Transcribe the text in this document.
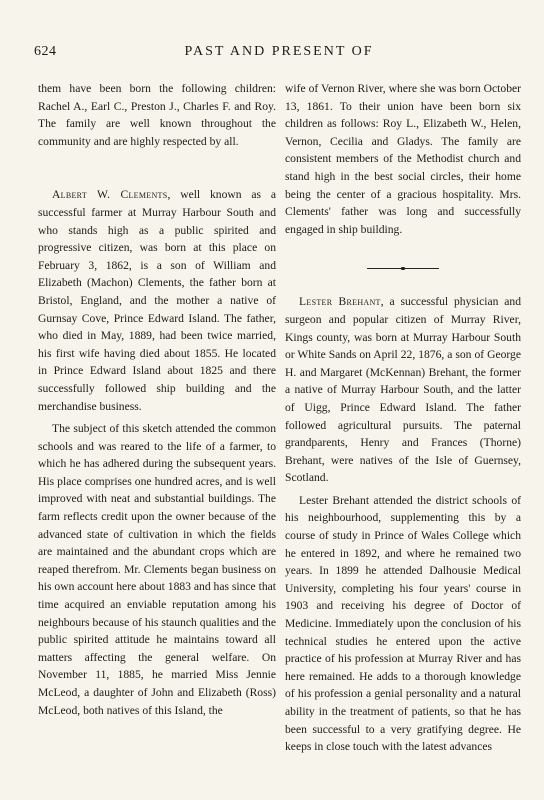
624	PAST AND PRESENT OF

them have been born the following children: Rachel A., Earl C., Preston J., Charles F. and Roy. The family are well known throughout the community and are highly respected by all.

Albert W. Clements, well known as a successful farmer at Murray Harbour South and who stands high as a public spirited and progressive citizen, was born at this place on February 3, 1862, is a son of William and Elizabeth (Machon) Clements, the father born at Bristol, England, and the mother a native of Gurnsay Cove, Prince Edward Island. The father, who died in May, 1889, had been twice married, his first wife having died about 1855. He located in Prince Edward Island about 1825 and there successfully followed ship building and the merchandise business.

The subject of this sketch attended the common schools and was reared to the life of a farmer, to which he has adhered during the subsequent years. His place comprises one hundred acres, and is well improved with neat and substantial buildings. The farm reflects credit upon the owner because of the advanced state of cultivation in which the fields are maintained and the abundant crops which are reaped therefrom. Mr. Clements began business on his own account here about 1883 and has since that time acquired an enviable reputation among his neighbours because of his staunch qualities and the public spirited attitude he maintains toward all matters affecting the general welfare. On November 11, 1885, he married Miss Jennie McLeod, a daughter of John and Elizabeth (Ross) McLeod, both natives of this Island, the

wife of Vernon River, where she was born October 13, 1861. To their union have been born six children as follows: Roy L., Elizabeth W., Helen, Vernon, Cecilia and Gladys. The family are consistent members of the Methodist church and stand high in the best social circles, their home being the center of a gracious hospitality. Mrs. Clements' father was long and successfully engaged in ship building.

Lester Brehant, a successful physician and surgeon and popular citizen of Murray River, Kings county, was born at Murray Harbour South or White Sands on April 22, 1876, a son of George H. and Margaret (McKennan) Brehant, the former a native of Murray Harbour South, and the latter of Uigg, Prince Edward Island. The father followed agricultural pursuits. The paternal grandparents, Henry and Frances (Thorne) Brehant, were natives of the Isle of Guernsey, Scotland.

Lester Brehant attended the district schools of his neighbourhood, supplementing this by a course of study in Prince of Wales College which he entered in 1892, and where he remained two years. In 1899 he attended Dalhousie Medical University, completing his four years' course in 1903 and receiving his degree of Doctor of Medicine. Immediately upon the conclusion of his technical studies he entered upon the active practice of his profession at Murray River and has here remained. He adds to a thorough knowledge of his profession a genial personality and a natural ability in the treatment of patients, so that he has been successful to a very gratifying degree. He keeps in close touch with the latest advances
